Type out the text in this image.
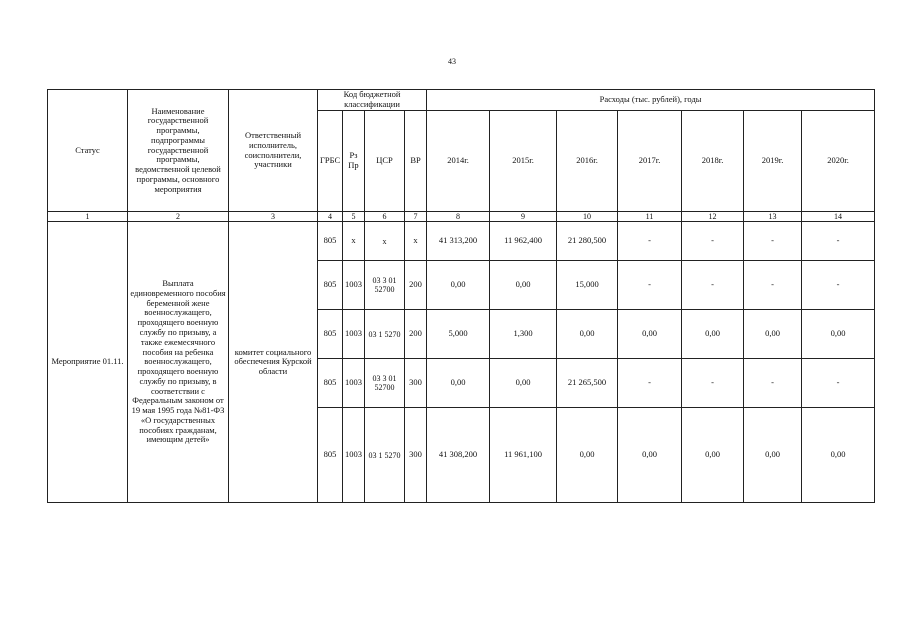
43
Статус	Наименование государственной программы, подпрограммы государственной программы, ведомственной целевой программы, основного мероприятия	Ответственный исполнитель, соисполнители, участники	Код бюджетной классификации				Расходы (тыс. рублей), годы						
			ГРБС	Рз Пр	ЦСР	ВР	2014г.	2015г.	2016г.	2017г.	2018г.	2019г.	2020г.
1	2	3	4	5	6	7	8	9	10	11	12	13	14
Мероприятие 01.11.	Выплата единовременного пособия беременной жене военнослужащего, проходящего военную службу по призыву, а также ежемесячного пособия на ребенка военнослужащего, проходящего военную службу по призыву, в соответствии с Федеральным законом от 19 мая 1995 года №81-ФЗ «О государственных пособиях гражданам, имеющим детей»	комитет социального обеспечения Курской области	805	х	х	х	41 313,200	11 962,400	21 280,500	-	-	-	-
			805	1003	03 3 01 52700	200	0,00	0,00	15,000	-	-	-	-
			805	1003	03 1 5270	200	5,000	1,300	0,00	0,00	0,00	0,00	0,00
			805	1003	03 3 01 52700	300	0,00	0,00	21 265,500	-	-	-	-
			805	1003	03 1 5270	300	41 308,200	11 961,100	0,00	0,00	0,00	0,00	0,00
